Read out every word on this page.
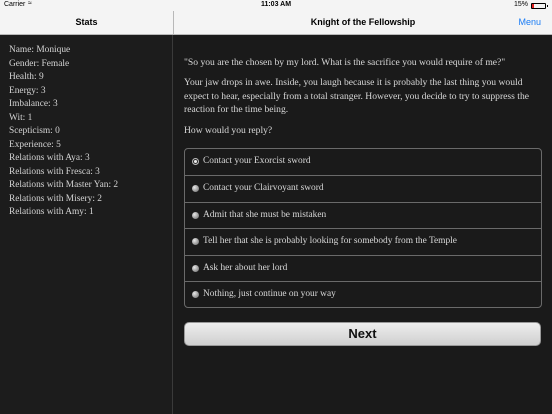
Carrier ≈	11:03 AM	15%
Stats	Knight of the Fellowship	Menu
Name: Monique
Gender: Female
Health: 9
Energy: 3
Imbalance: 3
Wit: 1
Scepticism: 0
Experience: 5
Relations with Aya: 3
Relations with Fresca: 3
Relations with Master Yan: 2
Relations with Misery: 2
Relations with Amy: 1

"So you are the chosen by my lord. What is the sacrifice you would require of me?"

Your jaw drops in awe. Inside, you laugh because it is probably the last thing you would expect to hear, especially from a total stranger. However, you decide to try to suppress the reaction for the time being.

How would you reply?

Contact your Exorcist sword
Contact your Clairvoyant sword
Admit that she must be mistaken
Tell her that she is probably looking for somebody from the Temple
Ask her about her lord
Nothing, just continue on your way
Next
